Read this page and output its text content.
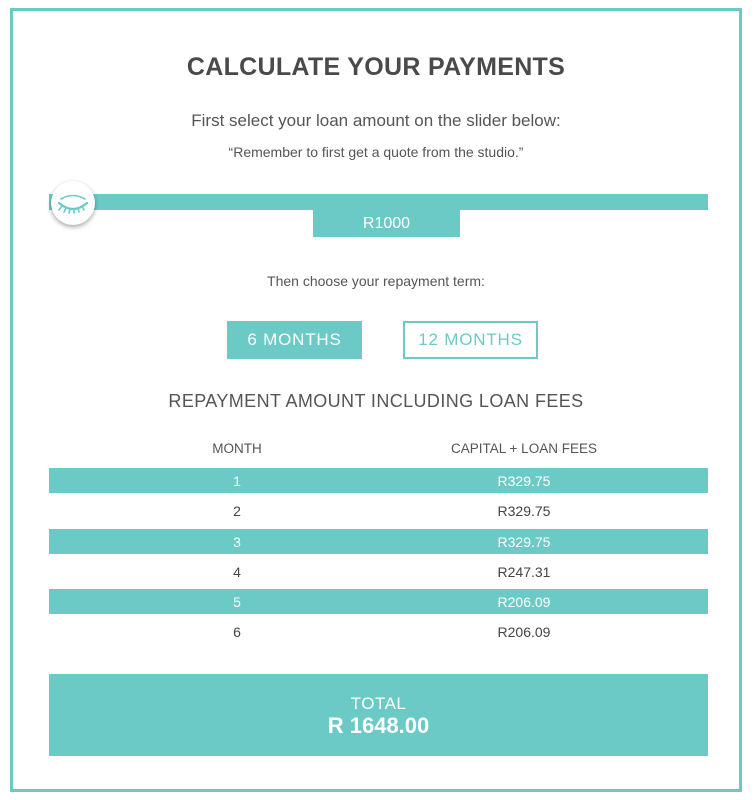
CALCULATE YOUR PAYMENTS
First select your loan amount on the slider below:
“Remember to first get a quote from the studio.”
R1000
Then choose your repayment term:
6 MONTHS	12 MONTHS
REPAYMENT AMOUNT INCLUDING LOAN FEES
MONTH	CAPITAL + LOAN FEES
1	R329.75
2	R329.75
3	R329.75
4	R247.31
5	R206.09
6	R206.09
TOTAL
R 1648.00
